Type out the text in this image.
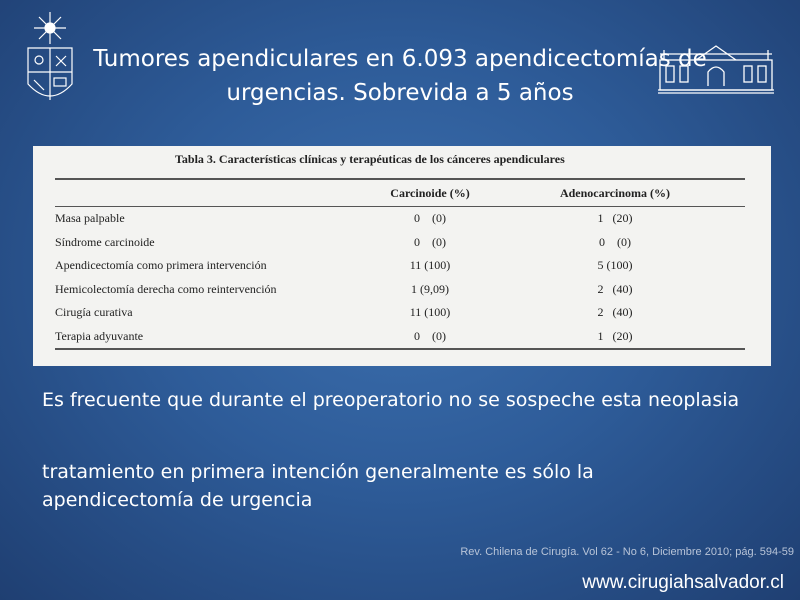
Tumores apendiculares en 6.093 apendicectomías de urgencias. Sobrevida a 5 años
Tabla 3. Características clínicas y terapéuticas de los cánceres apendiculares
	Carcinoide (%)	Adenocarcinoma (%)
Masa palpable	0    (0)	1   (20)
Síndrome carcinoide	0    (0)	0    (0)
Apendicectomía como primera intervención	11 (100)	5 (100)
Hemicolectomía derecha como reintervención	1 (9,09)	2   (40)
Cirugía curativa	11 (100)	2   (40)
Terapia adyuvante	0    (0)	1   (20)
Es frecuente que durante el preoperatorio no se sospeche esta neoplasia
tratamiento en primera intención generalmente es sólo la apendicectomía de urgencia
Rev. Chilena de Cirugía. Vol 62 - No 6, Diciembre 2010; pág. 594-59
www.cirugiahsalvador.cl
